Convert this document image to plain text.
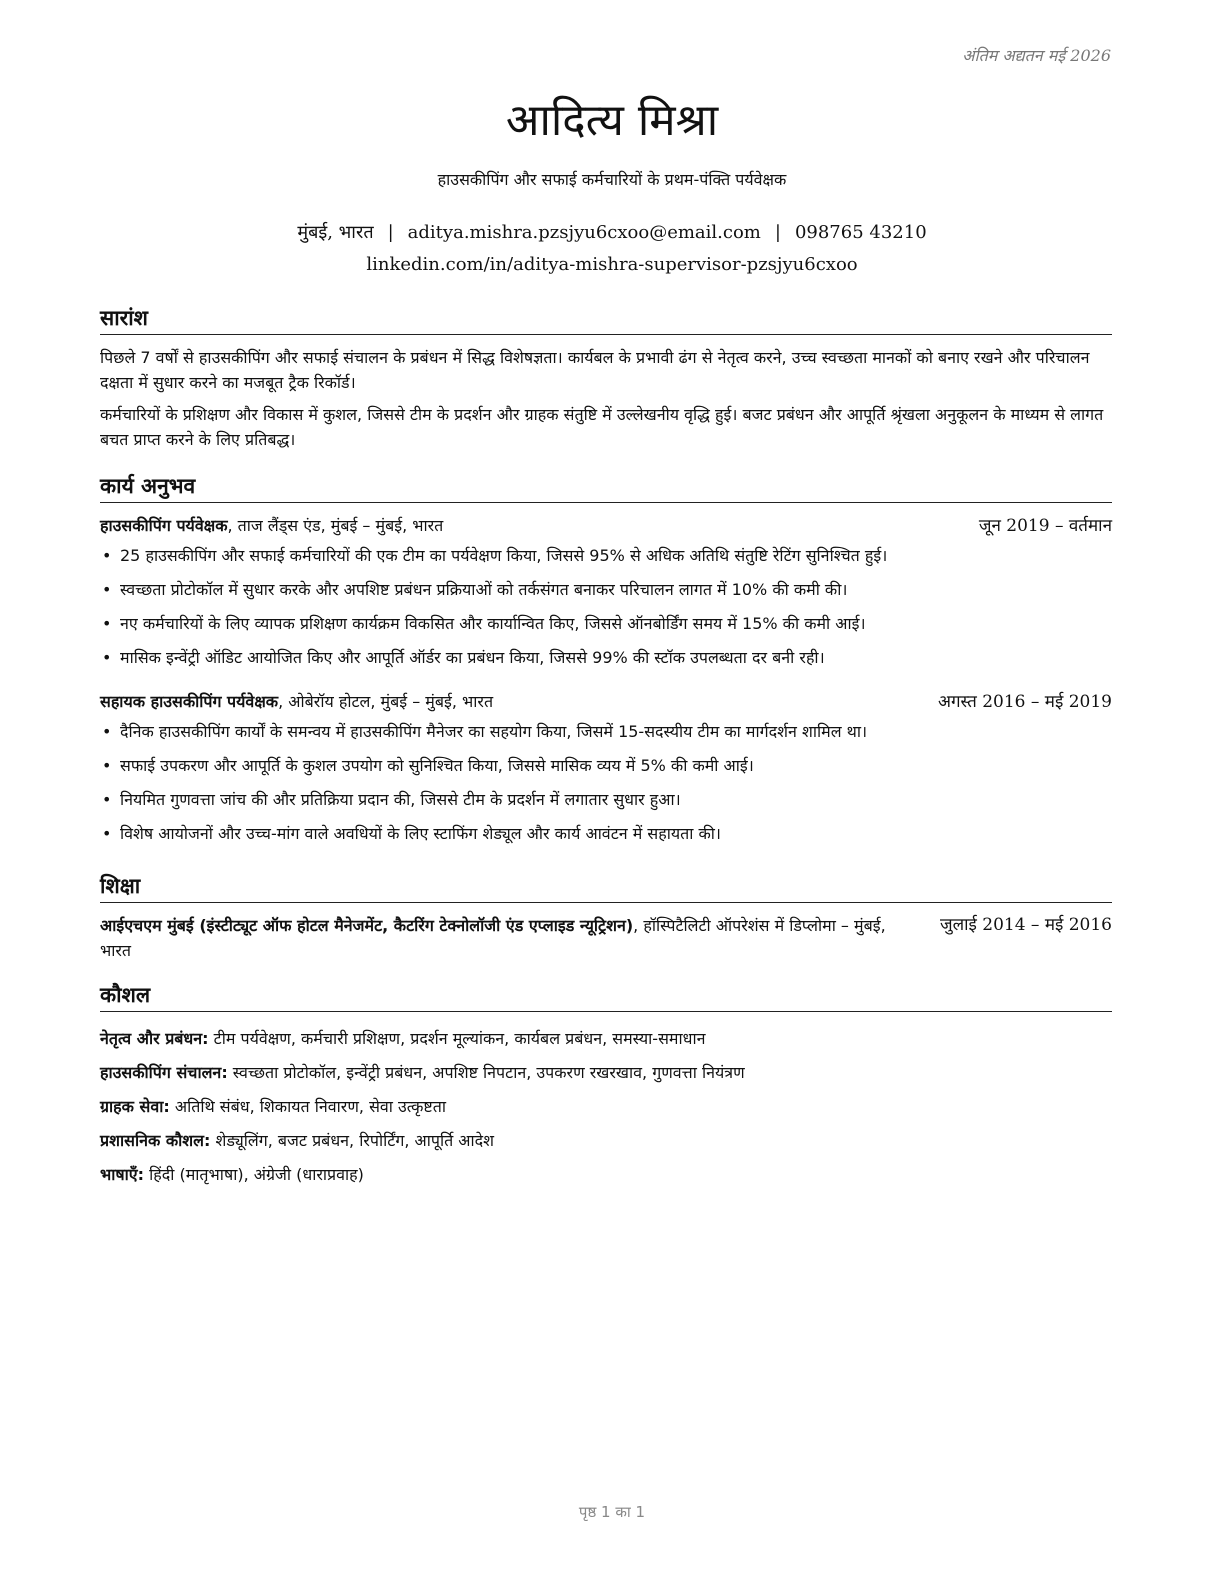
अंतिम अद्यतन मई 2026
आदित्य मिश्रा
हाउसकीपिंग और सफाई कर्मचारियों के प्रथम-पंक्ति पर्यवेक्षक
मुंबई, भारत | aditya.mishra.pzsjyu6cxoo@email.com | 098765 43210
linkedin.com/in/aditya-mishra-supervisor-pzsjyu6cxoo
सारांश
पिछले 7 वर्षों से हाउसकीपिंग और सफाई संचालन के प्रबंधन में सिद्ध विशेषज्ञता। कार्यबल के प्रभावी ढंग से नेतृत्व करने, उच्च स्वच्छता मानकों को बनाए रखने और परिचालन दक्षता में सुधार करने का मजबूत ट्रैक रिकॉर्ड।
कर्मचारियों के प्रशिक्षण और विकास में कुशल, जिससे टीम के प्रदर्शन और ग्राहक संतुष्टि में उल्लेखनीय वृद्धि हुई। बजट प्रबंधन और आपूर्ति श्रृंखला अनुकूलन के माध्यम से लागत बचत प्राप्त करने के लिए प्रतिबद्ध।
कार्य अनुभव
हाउसकीपिंग पर्यवेक्षक, ताज लैंड्स एंड, मुंबई – मुंबई, भारत	जून 2019 – वर्तमान
• 25 हाउसकीपिंग और सफाई कर्मचारियों की एक टीम का पर्यवेक्षण किया, जिससे 95% से अधिक अतिथि संतुष्टि रेटिंग सुनिश्चित हुई।
• स्वच्छता प्रोटोकॉल में सुधार करके और अपशिष्ट प्रबंधन प्रक्रियाओं को तर्कसंगत बनाकर परिचालन लागत में 10% की कमी की।
• नए कर्मचारियों के लिए व्यापक प्रशिक्षण कार्यक्रम विकसित और कार्यान्वित किए, जिससे ऑनबोर्डिंग समय में 15% की कमी आई।
• मासिक इन्वेंट्री ऑडिट आयोजित किए और आपूर्ति ऑर्डर का प्रबंधन किया, जिससे 99% की स्टॉक उपलब्धता दर बनी रही।
सहायक हाउसकीपिंग पर्यवेक्षक, ओबेरॉय होटल, मुंबई – मुंबई, भारत	अगस्त 2016 – मई 2019
• दैनिक हाउसकीपिंग कार्यों के समन्वय में हाउसकीपिंग मैनेजर का सहयोग किया, जिसमें 15-सदस्यीय टीम का मार्गदर्शन शामिल था।
• सफाई उपकरण और आपूर्ति के कुशल उपयोग को सुनिश्चित किया, जिससे मासिक व्यय में 5% की कमी आई।
• नियमित गुणवत्ता जांच की और प्रतिक्रिया प्रदान की, जिससे टीम के प्रदर्शन में लगातार सुधार हुआ।
• विशेष आयोजनों और उच्च-मांग वाले अवधियों के लिए स्टाफिंग शेड्यूल और कार्य आवंटन में सहायता की।
शिक्षा
आईएचएम मुंबई (इंस्टीट्यूट ऑफ होटल मैनेजमेंट, कैटरिंग टेक्नोलॉजी एंड एप्लाइड न्यूट्रिशन), हॉस्पिटैलिटी ऑपरेशंस में डिप्लोमा – मुंबई, भारत
जुलाई 2014 – मई 2016
कौशल
नेतृत्व और प्रबंधन: टीम पर्यवेक्षण, कर्मचारी प्रशिक्षण, प्रदर्शन मूल्यांकन, कार्यबल प्रबंधन, समस्या-समाधान
हाउसकीपिंग संचालन: स्वच्छता प्रोटोकॉल, इन्वेंट्री प्रबंधन, अपशिष्ट निपटान, उपकरण रखरखाव, गुणवत्ता नियंत्रण
ग्राहक सेवा: अतिथि संबंध, शिकायत निवारण, सेवा उत्कृष्टता
प्रशासनिक कौशल: शेड्यूलिंग, बजट प्रबंधन, रिपोर्टिंग, आपूर्ति आदेश
भाषाएँ: हिंदी (मातृभाषा), अंग्रेजी (धाराप्रवाह)
पृष्ठ 1 का 1
